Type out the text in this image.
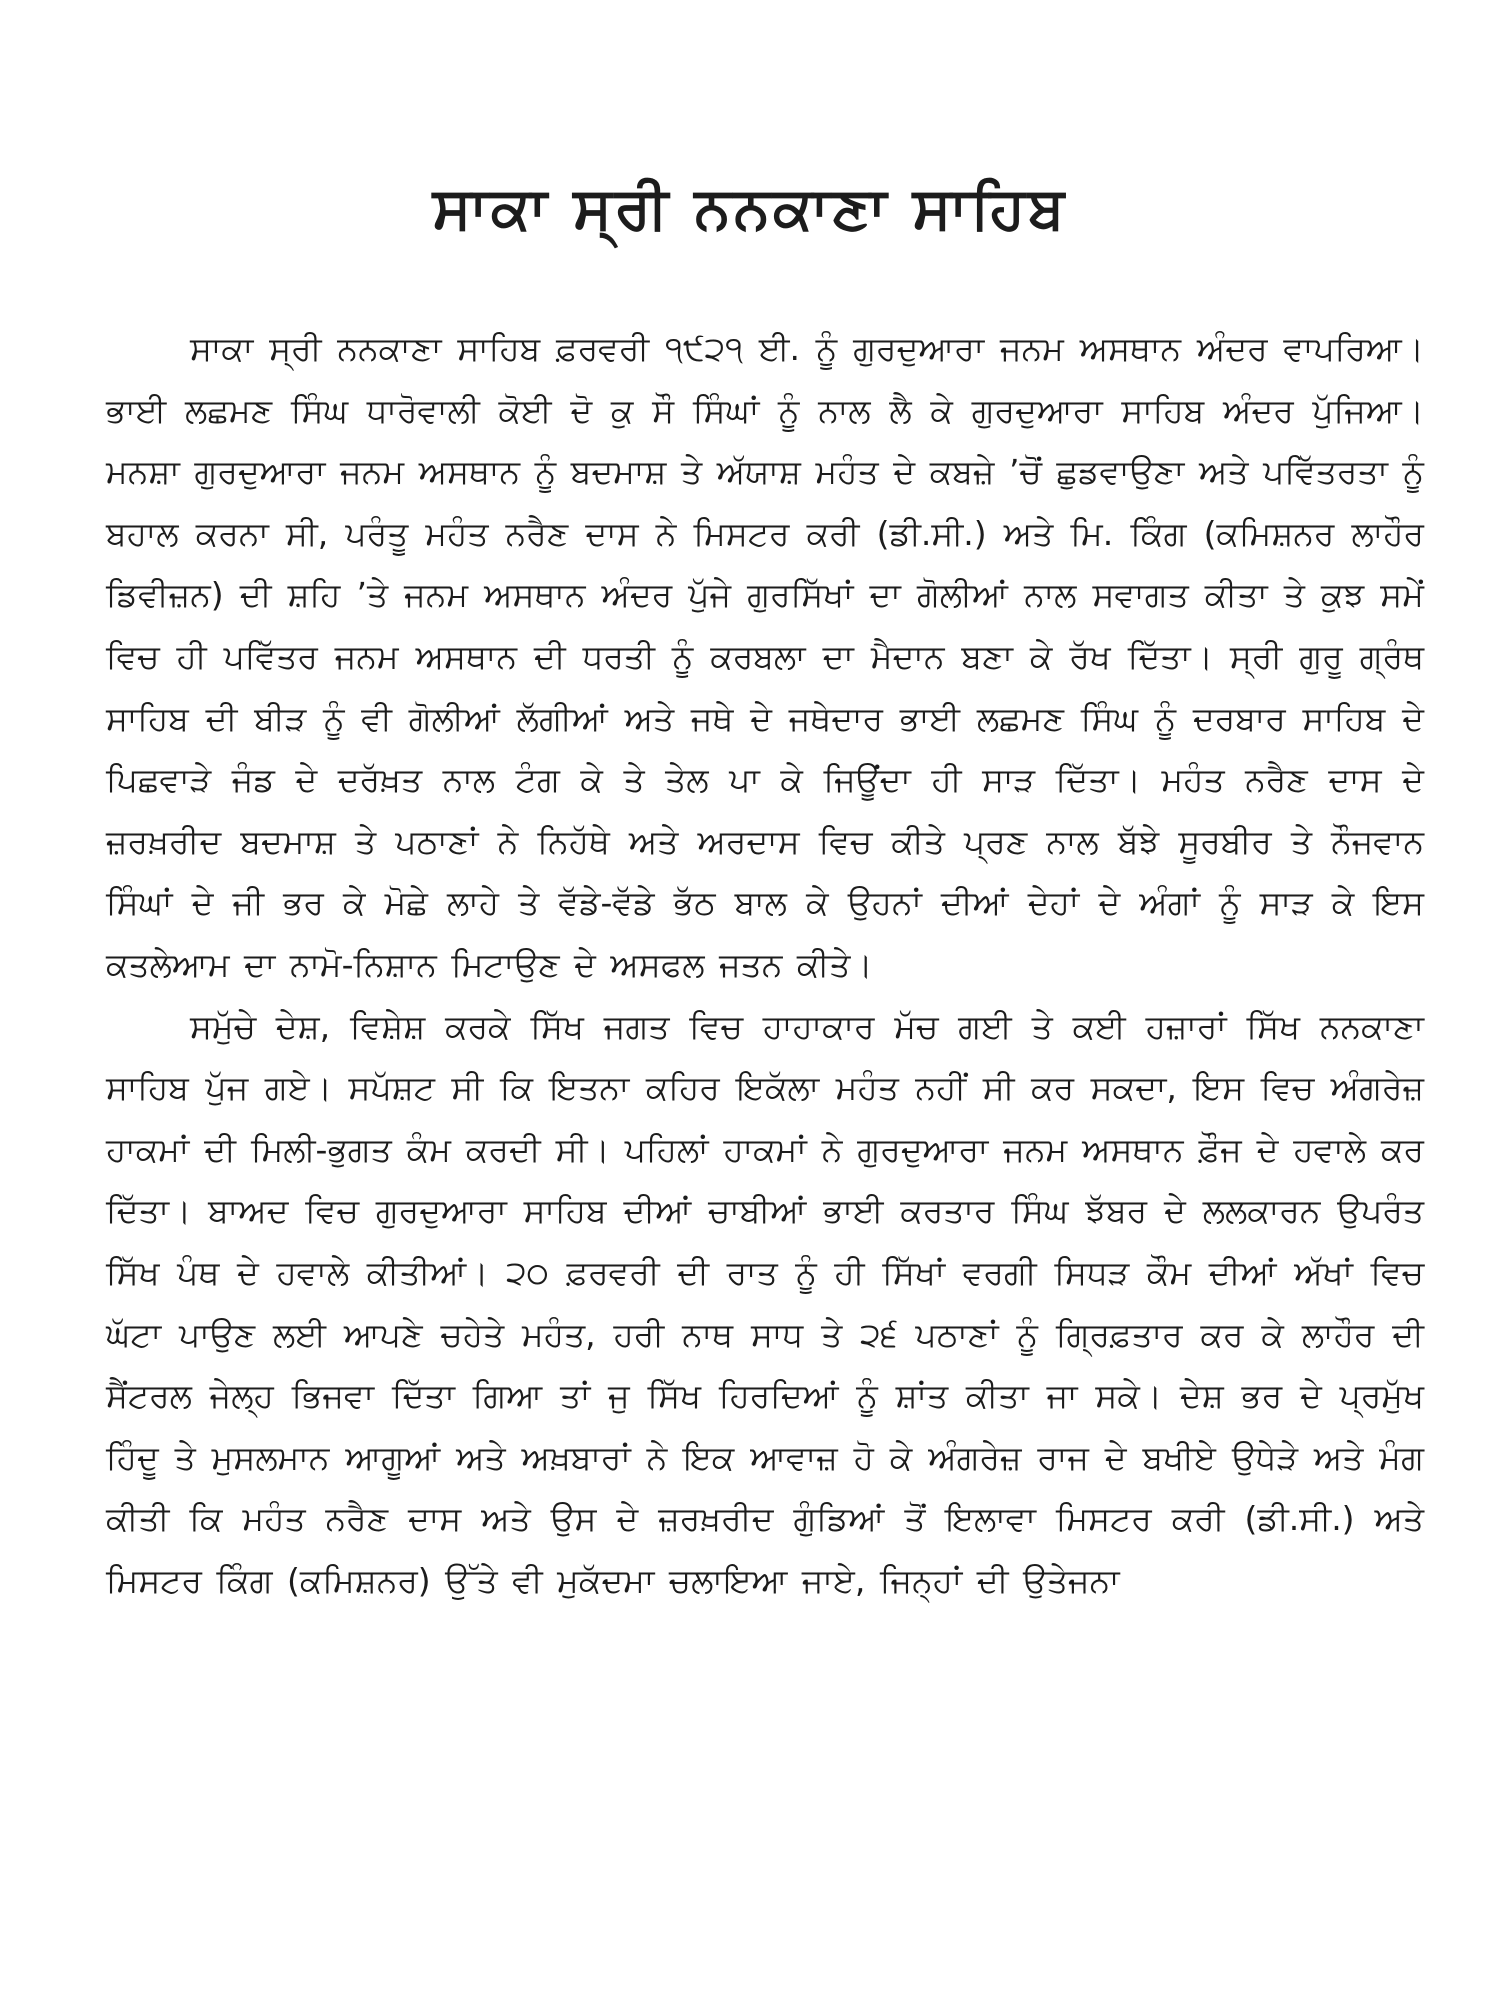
ਸਾਕਾ ਸ੍ਰੀ ਨਨਕਾਣਾ ਸਾਹਿਬ

ਸਾਕਾ ਸ੍ਰੀ ਨਨਕਾਣਾ ਸਾਹਿਬ ਫ਼ਰਵਰੀ ੧੯੨੧ ਈ. ਨੂੰ ਗੁਰਦੁਆਰਾ ਜਨਮ ਅਸਥਾਨ ਅੰਦਰ ਵਾਪਰਿਆ। ਭਾਈ ਲਛਮਣ ਸਿੰਘ ਧਾਰੋਵਾਲੀ ਕੋਈ ਦੋ ਕੁ ਸੌ ਸਿੰਘਾਂ ਨੂੰ ਨਾਲ ਲੈ ਕੇ ਗੁਰਦੁਆਰਾ ਸਾਹਿਬ ਅੰਦਰ ਪੁੱਜਿਆ। ਮਨਸ਼ਾ ਗੁਰਦੁਆਰਾ ਜਨਮ ਅਸਥਾਨ ਨੂੰ ਬਦਮਾਸ਼ ਤੇ ਅੱਯਾਸ਼ ਮਹੰਤ ਦੇ ਕਬਜ਼ੇ ’ਚੋਂ ਛੁਡਵਾਉਣਾ ਅਤੇ ਪਵਿੱਤਰਤਾ ਨੂੰ ਬਹਾਲ ਕਰਨਾ ਸੀ, ਪਰੰਤੂ ਮਹੰਤ ਨਰੈਣ ਦਾਸ ਨੇ ਮਿਸਟਰ ਕਰੀ (ਡੀ.ਸੀ.) ਅਤੇ ਮਿ. ਕਿੰਗ (ਕਮਿਸ਼ਨਰ ਲਾਹੌਰ ਡਿਵੀਜ਼ਨ) ਦੀ ਸ਼ਹਿ ’ਤੇ ਜਨਮ ਅਸਥਾਨ ਅੰਦਰ ਪੁੱਜੇ ਗੁਰਸਿੱਖਾਂ ਦਾ ਗੋਲੀਆਂ ਨਾਲ ਸਵਾਗਤ ਕੀਤਾ ਤੇ ਕੁਝ ਸਮੇਂ ਵਿਚ ਹੀ ਪਵਿੱਤਰ ਜਨਮ ਅਸਥਾਨ ਦੀ ਧਰਤੀ ਨੂੰ ਕਰਬਲਾ ਦਾ ਮੈਦਾਨ ਬਣਾ ਕੇ ਰੱਖ ਦਿੱਤਾ। ਸ੍ਰੀ ਗੁਰੂ ਗ੍ਰੰਥ ਸਾਹਿਬ ਦੀ ਬੀੜ ਨੂੰ ਵੀ ਗੋਲੀਆਂ ਲੱਗੀਆਂ ਅਤੇ ਜਥੇ ਦੇ ਜਥੇਦਾਰ ਭਾਈ ਲਛਮਣ ਸਿੰਘ ਨੂੰ ਦਰਬਾਰ ਸਾਹਿਬ ਦੇ ਪਿਛਵਾੜੇ ਜੰਡ ਦੇ ਦਰੱਖ਼ਤ ਨਾਲ ਟੰਗ ਕੇ ਤੇ ਤੇਲ ਪਾ ਕੇ ਜਿਊਂਦਾ ਹੀ ਸਾੜ ਦਿੱਤਾ। ਮਹੰਤ ਨਰੈਣ ਦਾਸ ਦੇ ਜ਼ਰਖ਼ਰੀਦ ਬਦਮਾਸ਼ ਤੇ ਪਠਾਣਾਂ ਨੇ ਨਿਹੱਥੇ ਅਤੇ ਅਰਦਾਸ ਵਿਚ ਕੀਤੇ ਪ੍ਰਣ ਨਾਲ ਬੱਝੇ ਸੂਰਬੀਰ ਤੇ ਨੌਜਵਾਨ ਸਿੰਘਾਂ ਦੇ ਜੀ ਭਰ ਕੇ ਮੋਛੇ ਲਾਹੇ ਤੇ ਵੱਡੇ-ਵੱਡੇ ਭੱਠ ਬਾਲ ਕੇ ਉਹਨਾਂ ਦੀਆਂ ਦੇਹਾਂ ਦੇ ਅੰਗਾਂ ਨੂੰ ਸਾੜ ਕੇ ਇਸ ਕਤਲੇਆਮ ਦਾ ਨਾਮੋ-ਨਿਸ਼ਾਨ ਮਿਟਾਉਣ ਦੇ ਅਸਫਲ ਜਤਨ ਕੀਤੇ।

ਸਮੁੱਚੇ ਦੇਸ਼, ਵਿਸ਼ੇਸ਼ ਕਰਕੇ ਸਿੱਖ ਜਗਤ ਵਿਚ ਹਾਹਾਕਾਰ ਮੱਚ ਗਈ ਤੇ ਕਈ ਹਜ਼ਾਰਾਂ ਸਿੱਖ ਨਨਕਾਣਾ ਸਾਹਿਬ ਪੁੱਜ ਗਏ। ਸਪੱਸ਼ਟ ਸੀ ਕਿ ਇਤਨਾ ਕਹਿਰ ਇਕੱਲਾ ਮਹੰਤ ਨਹੀਂ ਸੀ ਕਰ ਸਕਦਾ, ਇਸ ਵਿਚ ਅੰਗਰੇਜ਼ ਹਾਕਮਾਂ ਦੀ ਮਿਲੀ-ਭੁਗਤ ਕੰਮ ਕਰਦੀ ਸੀ। ਪਹਿਲਾਂ ਹਾਕਮਾਂ ਨੇ ਗੁਰਦੁਆਰਾ ਜਨਮ ਅਸਥਾਨ ਫ਼ੌਜ ਦੇ ਹਵਾਲੇ ਕਰ ਦਿੱਤਾ। ਬਾਅਦ ਵਿਚ ਗੁਰਦੁਆਰਾ ਸਾਹਿਬ ਦੀਆਂ ਚਾਬੀਆਂ ਭਾਈ ਕਰਤਾਰ ਸਿੰਘ ਝੱਬਰ ਦੇ ਲਲਕਾਰਨ ਉਪਰੰਤ ਸਿੱਖ ਪੰਥ ਦੇ ਹਵਾਲੇ ਕੀਤੀਆਂ। ੨੦ ਫ਼ਰਵਰੀ ਦੀ ਰਾਤ ਨੂੰ ਹੀ ਸਿੱਖਾਂ ਵਰਗੀ ਸਿਧੜ ਕੌਮ ਦੀਆਂ ਅੱਖਾਂ ਵਿਚ ਘੱਟਾ ਪਾਉਣ ਲਈ ਆਪਣੇ ਚਹੇਤੇ ਮਹੰਤ, ਹਰੀ ਨਾਥ ਸਾਧ ਤੇ ੨੬ ਪਠਾਣਾਂ ਨੂੰ ਗ੍ਰਿਫ਼ਤਾਰ ਕਰ ਕੇ ਲਾਹੌਰ ਦੀ ਸੈਂਟਰਲ ਜੇਲ੍ਹ ਭਿਜਵਾ ਦਿੱਤਾ ਗਿਆ ਤਾਂ ਜੁ ਸਿੱਖ ਹਿਰਦਿਆਂ ਨੂੰ ਸ਼ਾਂਤ ਕੀਤਾ ਜਾ ਸਕੇ। ਦੇਸ਼ ਭਰ ਦੇ ਪ੍ਰਮੁੱਖ ਹਿੰਦੂ ਤੇ ਮੁਸਲਮਾਨ ਆਗੂਆਂ ਅਤੇ ਅਖ਼ਬਾਰਾਂ ਨੇ ਇਕ ਆਵਾਜ਼ ਹੋ ਕੇ ਅੰਗਰੇਜ਼ ਰਾਜ ਦੇ ਬਖੀਏ ਉਧੇੜੇ ਅਤੇ ਮੰਗ ਕੀਤੀ ਕਿ ਮਹੰਤ ਨਰੈਣ ਦਾਸ ਅਤੇ ਉਸ ਦੇ ਜ਼ਰਖ਼ਰੀਦ ਗੁੰਡਿਆਂ ਤੋਂ ਇਲਾਵਾ ਮਿਸਟਰ ਕਰੀ (ਡੀ.ਸੀ.) ਅਤੇ ਮਿਸਟਰ ਕਿੰਗ (ਕਮਿਸ਼ਨਰ) ਉੱਤੇ ਵੀ ਮੁਕੱਦਮਾ ਚਲਾਇਆ ਜਾਏ, ਜਿਨ੍ਹਾਂ ਦੀ ਉਤੇਜਨਾ
